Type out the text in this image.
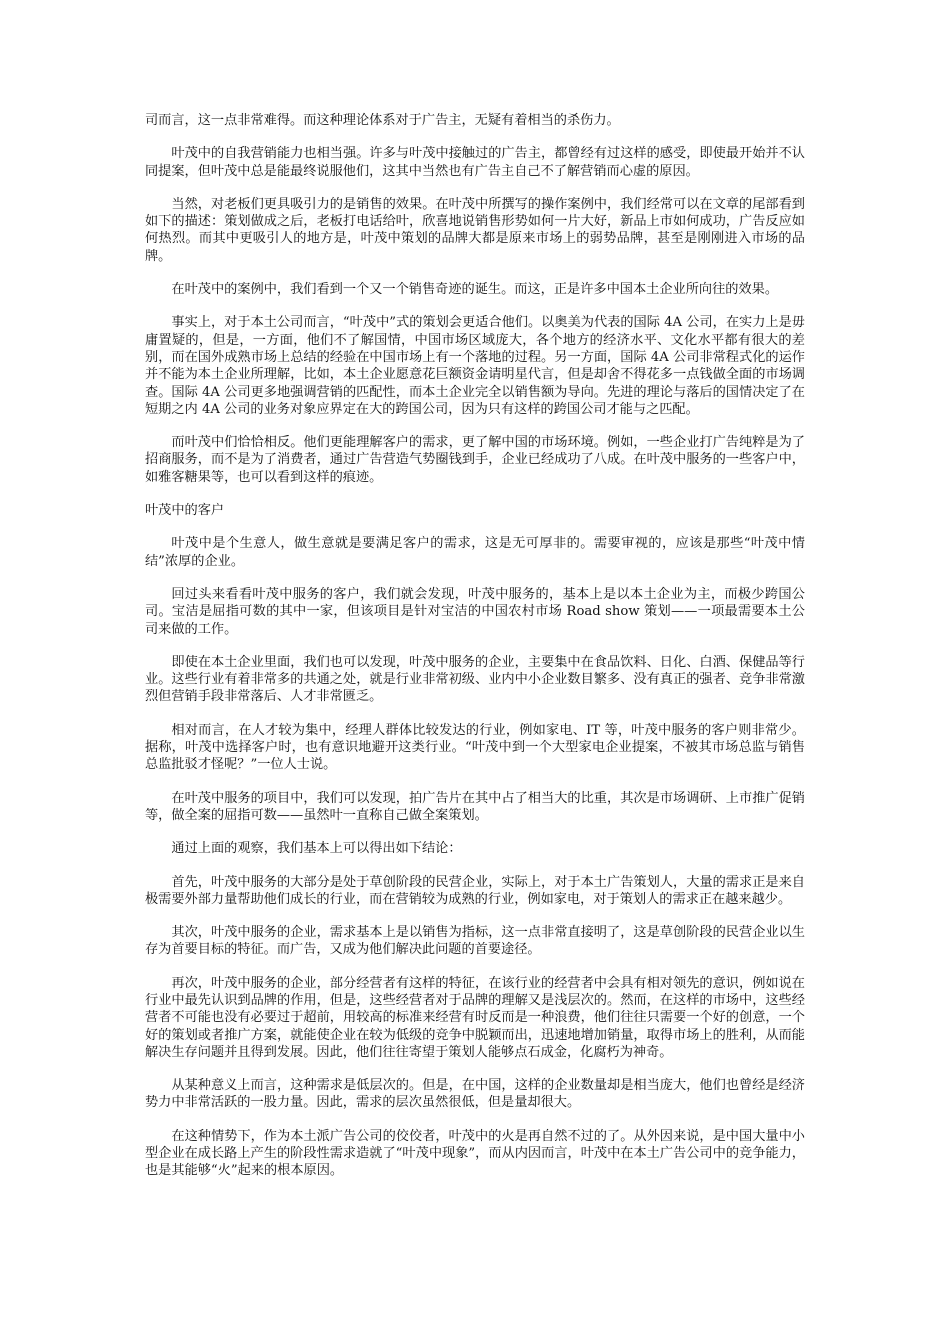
司而言，这一点非常难得。而这种理论体系对于广告主，无疑有着相当的杀伤力。

叶茂中的自我营销能力也相当强。许多与叶茂中接触过的广告主，都曾经有过这样的感受，即使最开始并不认同提案，但叶茂中总是能最终说服他们，这其中当然也有广告主自己不了解营销而心虚的原因。

当然，对老板们更具吸引力的是销售的效果。在叶茂中所撰写的操作案例中，我们经常可以在文章的尾部看到如下的描述：策划做成之后，老板打电话给叶，欣喜地说销售形势如何一片大好，新品上市如何成功，广告反应如何热烈。而其中更吸引人的地方是，叶茂中策划的品牌大都是原来市场上的弱势品牌，甚至是刚刚进入市场的品牌。

在叶茂中的案例中，我们看到一个又一个销售奇迹的诞生。而这，正是许多中国本土企业所向往的效果。

事实上，对于本土公司而言，“叶茂中”式的策划会更适合他们。以奥美为代表的国际 4A 公司，在实力上是毋庸置疑的，但是，一方面，他们不了解国情，中国市场区域庞大，各个地方的经济水平、文化水平都有很大的差别，而在国外成熟市场上总结的经验在中国市场上有一个落地的过程。另一方面，国际 4A 公司非常程式化的运作并不能为本土企业所理解，比如，本土企业愿意花巨额资金请明星代言，但是却舍不得花多一点钱做全面的市场调查。国际 4A 公司更多地强调营销的匹配性，而本土企业完全以销售额为导向。先进的理论与落后的国情决定了在短期之内 4A 公司的业务对象应界定在大的跨国公司，因为只有这样的跨国公司才能与之匹配。

而叶茂中们恰恰相反。他们更能理解客户的需求，更了解中国的市场环境。例如，一些企业打广告纯粹是为了招商服务，而不是为了消费者，通过广告营造气势圈钱到手，企业已经成功了八成。在叶茂中服务的一些客户中，如雅客糖果等，也可以看到这样的痕迹。

叶茂中的客户

叶茂中是个生意人，做生意就是要满足客户的需求，这是无可厚非的。需要审视的，应该是那些“叶茂中情结”浓厚的企业。

回过头来看看叶茂中服务的客户，我们就会发现，叶茂中服务的，基本上是以本土企业为主，而极少跨国公司。宝洁是屈指可数的其中一家，但该项目是针对宝洁的中国农村市场 Road show 策划——一项最需要本土公司来做的工作。

即使在本土企业里面，我们也可以发现，叶茂中服务的企业，主要集中在食品饮料、日化、白酒、保健品等行业。这些行业有着非常多的共通之处，就是行业非常初级、业内中小企业数目繁多、没有真正的强者、竞争非常激烈但营销手段非常落后、人才非常匮乏。

相对而言，在人才较为集中，经理人群体比较发达的行业，例如家电、IT 等，叶茂中服务的客户则非常少。据称，叶茂中选择客户时，也有意识地避开这类行业。“叶茂中到一个大型家电企业提案，不被其市场总监与销售总监批驳才怪呢？”一位人士说。

在叶茂中服务的项目中，我们可以发现，拍广告片在其中占了相当大的比重，其次是市场调研、上市推广促销等，做全案的屈指可数——虽然叶一直称自己做全案策划。

通过上面的观察，我们基本上可以得出如下结论：

首先，叶茂中服务的大部分是处于草创阶段的民营企业，实际上，对于本土广告策划人，大量的需求正是来自极需要外部力量帮助他们成长的行业，而在营销较为成熟的行业，例如家电，对于策划人的需求正在越来越少。

其次，叶茂中服务的企业，需求基本上是以销售为指标，这一点非常直接明了，这是草创阶段的民营企业以生存为首要目标的特征。而广告，又成为他们解决此问题的首要途径。

再次，叶茂中服务的企业，部分经营者有这样的特征，在该行业的经营者中会具有相对领先的意识，例如说在行业中最先认识到品牌的作用，但是，这些经营者对于品牌的理解又是浅层次的。然而，在这样的市场中，这些经营者不可能也没有必要过于超前，用较高的标准来经营有时反而是一种浪费，他们往往只需要一个好的创意，一个好的策划或者推广方案，就能使企业在较为低级的竞争中脱颖而出，迅速地增加销量，取得市场上的胜利，从而能解决生存问题并且得到发展。因此，他们往往寄望于策划人能够点石成金，化腐朽为神奇。

从某种意义上而言，这种需求是低层次的。但是，在中国，这样的企业数量却是相当庞大，他们也曾经是经济势力中非常活跃的一股力量。因此，需求的层次虽然很低，但是量却很大。

在这种情势下，作为本土派广告公司的佼佼者，叶茂中的火是再自然不过的了。从外因来说，是中国大量中小型企业在成长路上产生的阶段性需求造就了“叶茂中现象”，而从内因而言，叶茂中在本土广告公司中的竞争能力，也是其能够“火”起来的根本原因。
